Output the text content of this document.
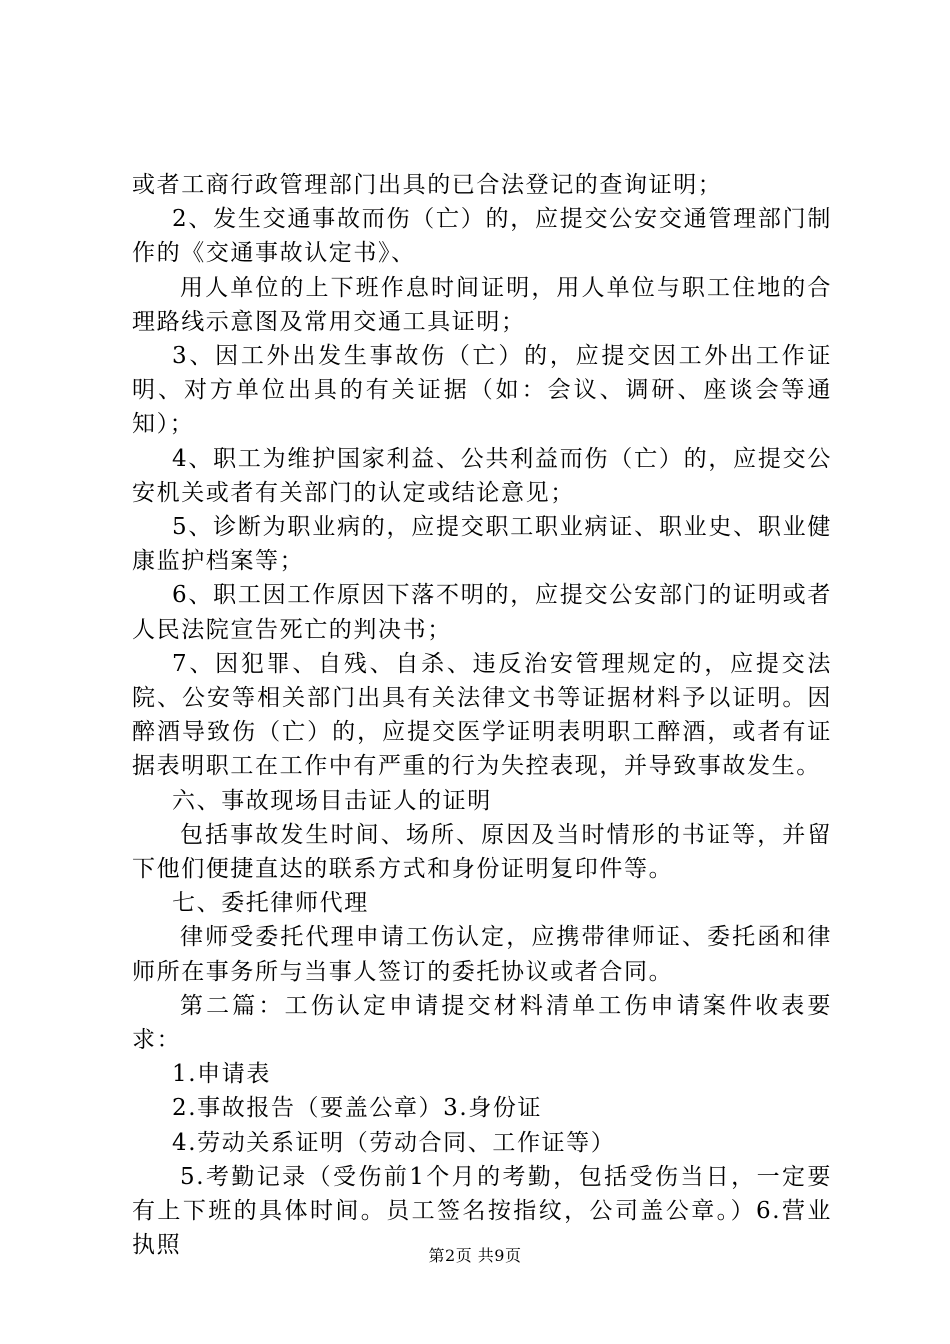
或者工商行政管理部门出具的已合法登记的查询证明；

2、发生交通事故而伤（亡）的，应提交公安交通管理部门制作的《交通事故认定书》、

用人单位的上下班作息时间证明，用人单位与职工住地的合理路线示意图及常用交通工具证明；

3、因工外出发生事故伤（亡）的，应提交因工外出工作证明、对方单位出具的有关证据（如：会议、调研、座谈会等通知）；

4、职工为维护国家利益、公共利益而伤（亡）的，应提交公安机关或者有关部门的认定或结论意见；

5、诊断为职业病的，应提交职工职业病证、职业史、职业健康监护档案等；

6、职工因工作原因下落不明的，应提交公安部门的证明或者人民法院宣告死亡的判决书；

7、因犯罪、自残、自杀、违反治安管理规定的，应提交法院、公安等相关部门出具有关法律文书等证据材料予以证明。因醉酒导致伤（亡）的，应提交医学证明表明职工醉酒，或者有证据表明职工在工作中有严重的行为失控表现，并导致事故发生。

六、事故现场目击证人的证明

包括事故发生时间、场所、原因及当时情形的书证等，并留下他们便捷直达的联系方式和身份证明复印件等。

七、委托律师代理

律师受委托代理申请工伤认定，应携带律师证、委托函和律师所在事务所与当事人签订的委托协议或者合同。

第二篇：工伤认定申请提交材料清单工伤申请案件收表要求：

1.申请表

2.事故报告（要盖公章）3.身份证

4.劳动关系证明（劳动合同、工作证等）

5.考勤记录（受伤前1个月的考勤，包括受伤当日，一定要有上下班的具体时间。员工签名按指纹，公司盖公章。）6.营业执照	第2页 共9页
